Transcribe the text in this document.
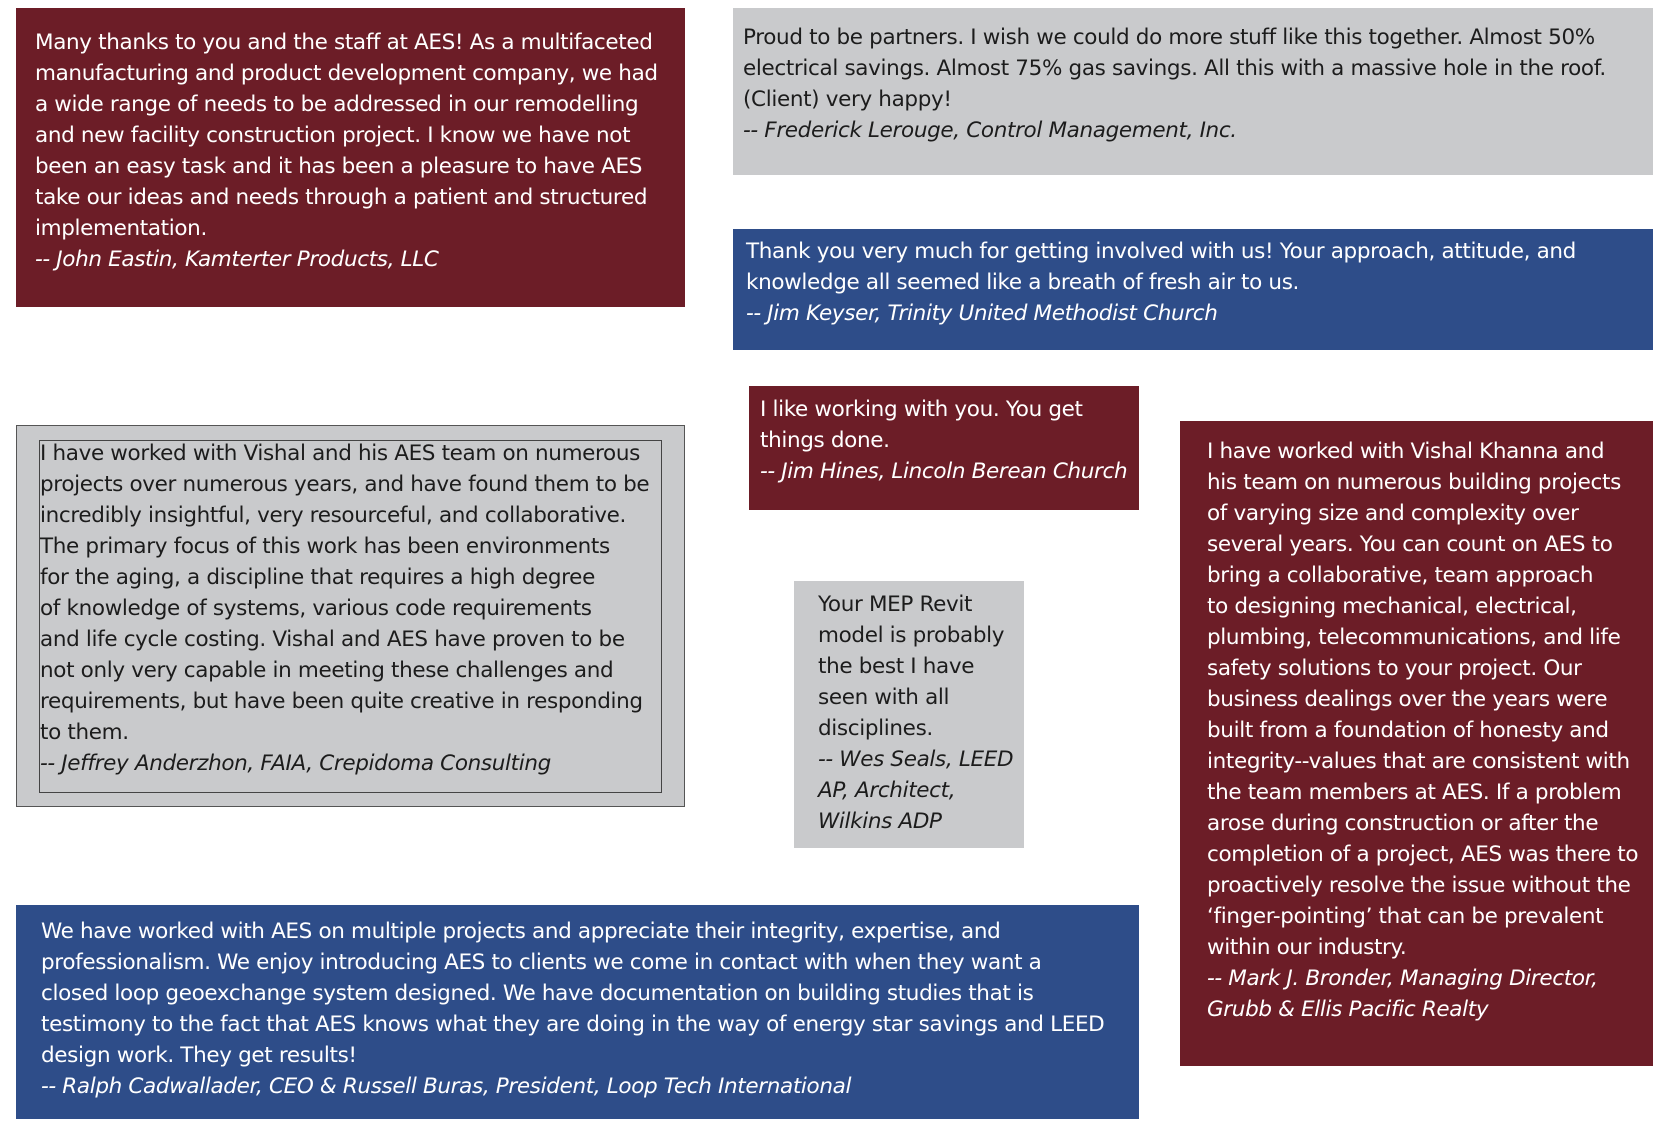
Many thanks to you and the staff at AES! As a multifaceted
manufacturing and product development company, we had
a wide range of needs to be addressed in our remodelling
and new facility construction project. I know we have not
been an easy task and it has been a pleasure to have AES
take our ideas and needs through a patient and structured
implementation.

-- John Eastin, Kamterter Products, LLC

Proud to be partners. I wish we could do more stuff like this together. Almost 50%
electrical savings. Almost 75% gas savings. All this with a massive hole in the roof.
(Client) very happy!

-- Frederick Lerouge, Control Management, Inc.

Thank you very much for getting involved with us! Your approach, attitude, and
knowledge all seemed like a breath of fresh air to us.

-- Jim Keyser, Trinity United Methodist Church

I like working with you. You get
things done.

-- Jim Hines, Lincoln Berean Church

I have worked with Vishal and his AES team on numerous
projects over numerous years, and have found them to be
incredibly insightful, very resourceful, and collaborative.
The primary focus of this work has been environments
for the aging, a discipline that requires a high degree
of knowledge of systems, various code requirements
and life cycle costing. Vishal and AES have proven to be
not only very capable in meeting these challenges and
requirements, but have been quite creative in responding
to them.

-- Jeffrey Anderzhon, FAIA, Crepidoma Consulting

Your MEP Revit
model is probably
the best I have
seen with all
disciplines.

-- Wes Seals, LEED
AP, Architect,
Wilkins ADP

I have worked with Vishal Khanna and
his team on numerous building projects
of varying size and complexity over
several years. You can count on AES to
bring a collaborative, team approach
to designing mechanical, electrical,
plumbing, telecommunications, and life
safety solutions to your project. Our
business dealings over the years were
built from a foundation of honesty and
integrity--values that are consistent with
the team members at AES. If a problem
arose during construction or after the
completion of a project, AES was there to
proactively resolve the issue without the
‘finger-pointing’ that can be prevalent
within our industry.

-- Mark J. Bronder, Managing Director,
Grubb & Ellis Pacific Realty

We have worked with AES on multiple projects and appreciate their integrity, expertise, and
professionalism. We enjoy introducing AES to clients we come in contact with when they want a
closed loop geoexchange system designed. We have documentation on building studies that is
testimony to the fact that AES knows what they are doing in the way of energy star savings and LEED
design work. They get results!

-- Ralph Cadwallader, CEO & Russell Buras, President, Loop Tech International
